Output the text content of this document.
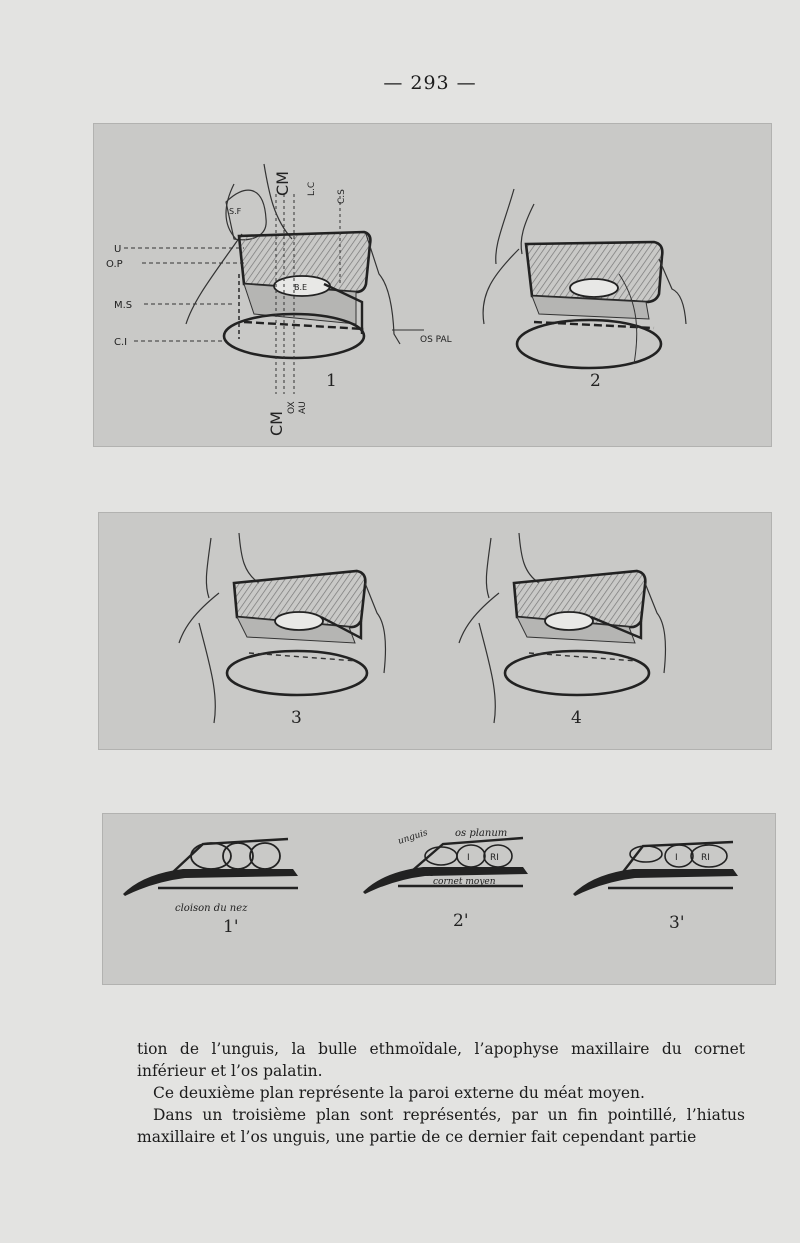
— 293 —
S.F
U
O.P
M.S
C.I
CM L.C
C.S
B.E
OS PAL
CM
OX AU
1	2
3	4
cloison du nez
1'
unguis	os planum
AU
I RI
cornet moyen
2'
I	RI
3'

tion de l’unguis, la bulle ethmoïdale, l’apophyse maxillaire du cornet inférieur et l’os palatin.

Ce deuxième plan représente la paroi externe du méat moyen.

Dans un troisième plan sont représentés, par un fin pointillé, l’hiatus maxillaire et l’os unguis, une partie de ce dernier fait cependant partie
